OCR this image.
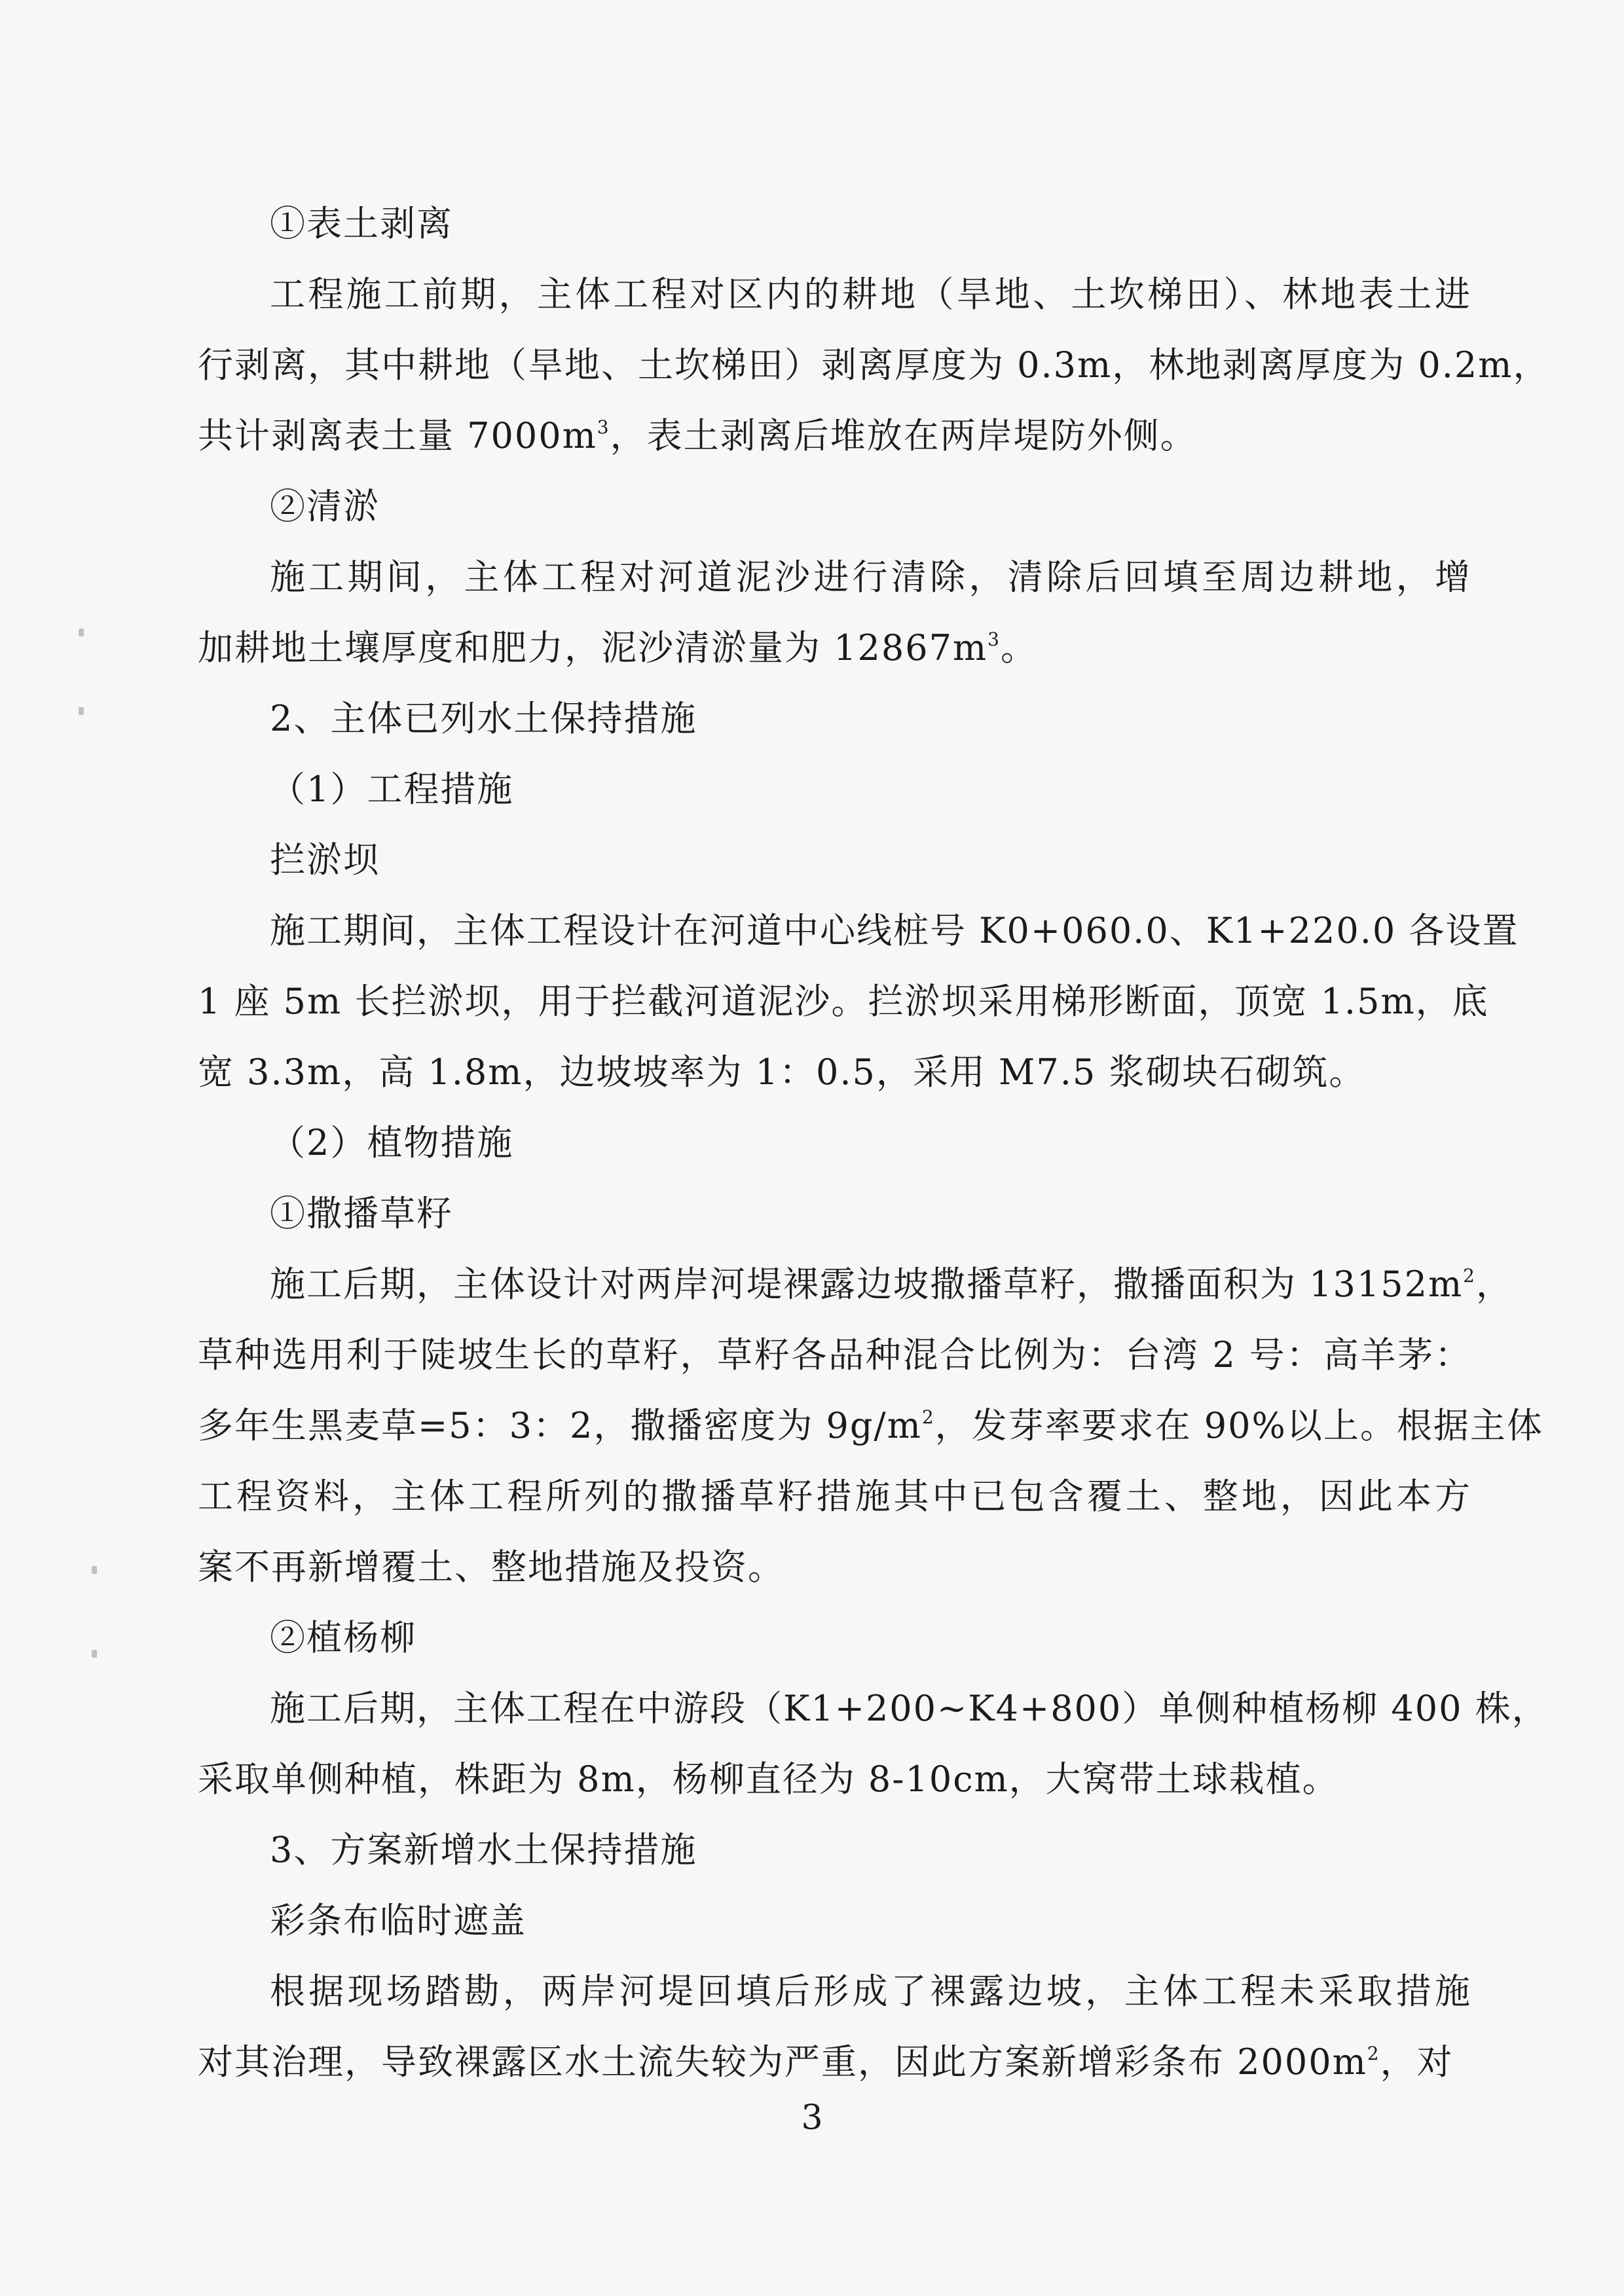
①表土剥离
工程施工前期，主体工程对区内的耕地（旱地、土坎梯田）、林地表土进
行剥离，其中耕地（旱地、土坎梯田）剥离厚度为 0.3m，林地剥离厚度为 0.2m，
共计剥离表土量 $7000m^3$，表土剥离后堆放在两岸堤防外侧。
②清淤
施工期间，主体工程对河道泥沙进行清除，清除后回填至周边耕地，增
加耕地土壤厚度和肥力，泥沙清淤量为 $12867m^3$。
2、主体已列水土保持措施
（1）工程措施
拦淤坝
施工期间，主体工程设计在河道中心线桩号 K0+060.0、K1+220.0 各设置
1 座 5m 长拦淤坝，用于拦截河道泥沙。拦淤坝采用梯形断面，顶宽 1.5m，底
宽 3.3m，高 1.8m，边坡坡率为 1：0.5，采用 M7.5 浆砌块石砌筑。
（2）植物措施
①撒播草籽
施工后期，主体设计对两岸河堤裸露边坡撒播草籽，撒播面积为 $13152m^2$，
草种选用利于陡坡生长的草籽，草籽各品种混合比例为：台湾 2 号：高羊茅：
多年生黑麦草=5：3：2，撒播密度为 $9g/m^2$，发芽率要求在 90%以上。根据主体
工程资料，主体工程所列的撒播草籽措施其中已包含覆土、整地，因此本方
案不再新增覆土、整地措施及投资。
②植杨柳
施工后期，主体工程在中游段（K1+200~K4+800）单侧种植杨柳 400 株，
采取单侧种植，株距为 8m，杨柳直径为 8-10cm，大窝带土球栽植。
3、方案新增水土保持措施
彩条布临时遮盖
根据现场踏勘，两岸河堤回填后形成了裸露边坡，主体工程未采取措施
对其治理，导致裸露区水土流失较为严重，因此方案新增彩条布 $2000m^2$，对
3
